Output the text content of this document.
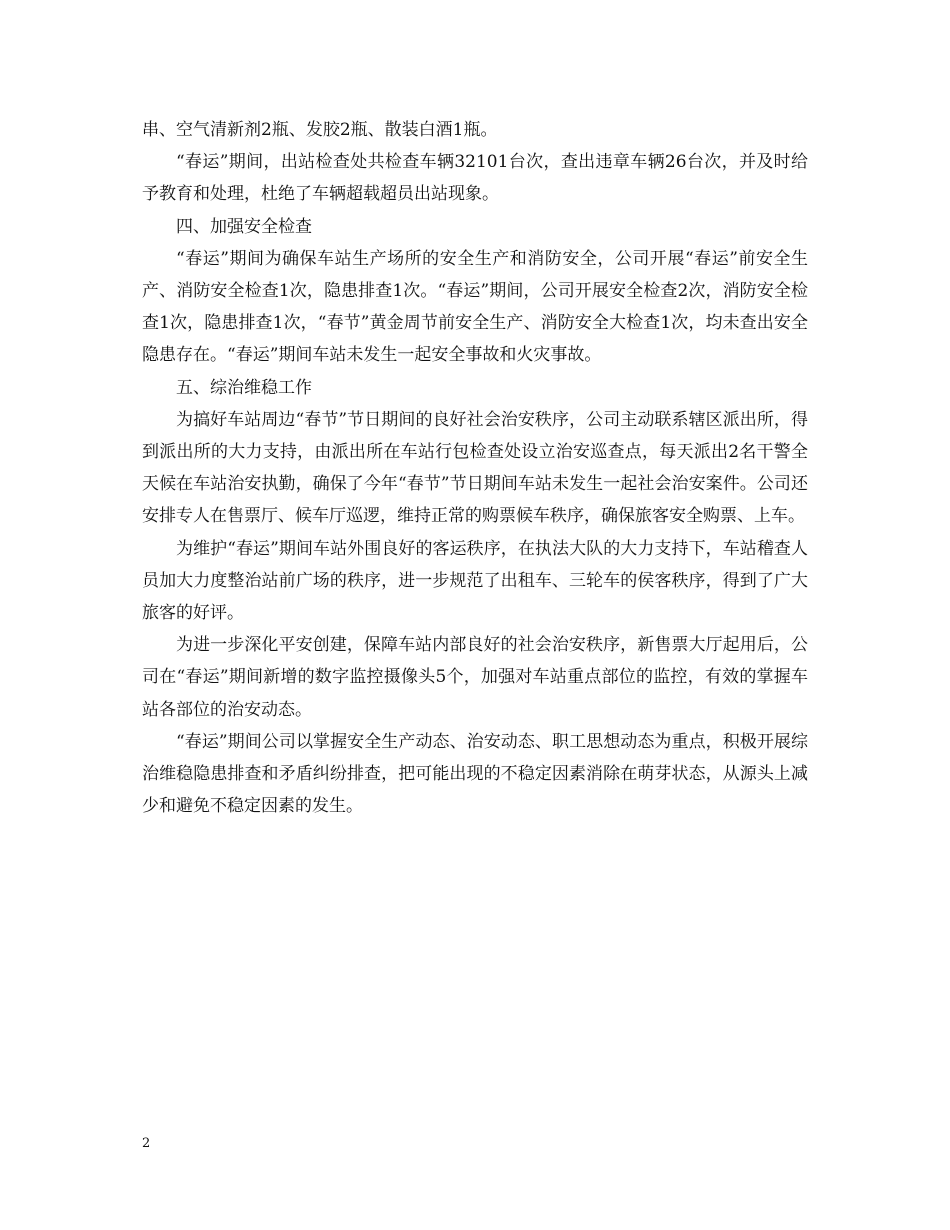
串、空气清新剂2瓶、发胶2瓶、散装白酒1瓶。

“春运”期间，出站检查处共检查车辆32101台次，查出违章车辆26台次，并及时给予教育和处理，杜绝了车辆超载超员出站现象。

四、加强安全检查

“春运”期间为确保车站生产场所的安全生产和消防安全，公司开展“春运”前安全生产、消防安全检查1次，隐患排查1次。“春运”期间，公司开展安全检查2次，消防安全检查1次，隐患排查1次，“春节”黄金周节前安全生产、消防安全大检查1次，均未查出安全隐患存在。“春运”期间车站未发生一起安全事故和火灾事故。

五、综治维稳工作

为搞好车站周边“春节”节日期间的良好社会治安秩序，公司主动联系辖区派出所，得到派出所的大力支持，由派出所在车站行包检查处设立治安巡查点，每天派出2名干警全天候在车站治安执勤，确保了今年“春节”节日期间车站未发生一起社会治安案件。公司还安排专人在售票厅、候车厅巡逻，维持正常的购票候车秩序，确保旅客安全购票、上车。

为维护“春运”期间车站外围良好的客运秩序，在执法大队的大力支持下，车站稽查人员加大力度整治站前广场的秩序，进一步规范了出租车、三轮车的侯客秩序，得到了广大旅客的好评。

为进一步深化平安创建，保障车站内部良好的社会治安秩序，新售票大厅起用后，公司在“春运”期间新增的数字监控摄像头5个，加强对车站重点部位的监控，有效的掌握车站各部位的治安动态。

“春运”期间公司以掌握安全生产动态、治安动态、职工思想动态为重点，积极开展综治维稳隐患排查和矛盾纠纷排查，把可能出现的不稳定因素消除在萌芽状态，从源头上减少和避免不稳定因素的发生。

2
